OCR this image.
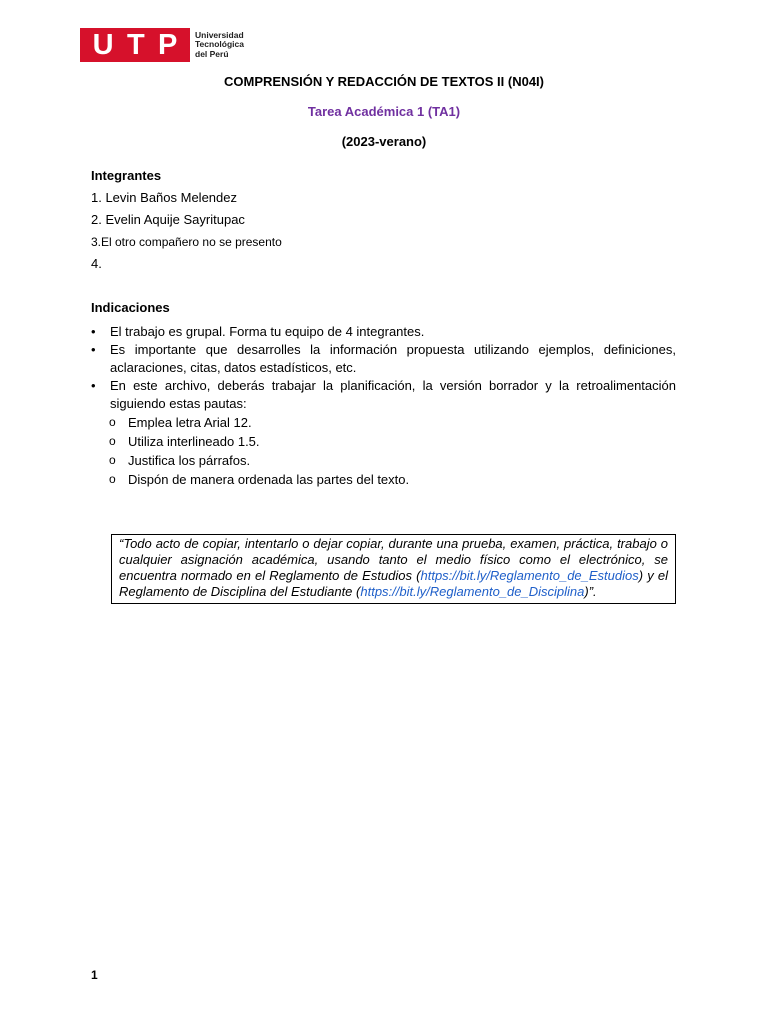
U T P Universidad
Tecnológica
del Perú
COMPRENSIÓN Y REDACCIÓN DE TEXTOS II (N04I)
Tarea Académica 1 (TA1)
(2023-verano)
Integrantes
1. Levin Baños Melendez
2. Evelin Aquije Sayritupac
3.El otro compañero no se presento
4.
Indicaciones
• El trabajo es grupal. Forma tu equipo de 4 integrantes.
• Es importante que desarrolles la información propuesta utilizando ejemplos, definiciones, aclaraciones, citas, datos estadísticos, etc.
• En este archivo, deberás trabajar la planificación, la versión borrador y la retroalimentación siguiendo estas pautas:
o Emplea letra Arial 12.
o Utiliza interlineado 1.5.
o Justifica los párrafos.
o Dispón de manera ordenada las partes del texto.
“Todo acto de copiar, intentarlo o dejar copiar, durante una prueba, examen, práctica, trabajo o cualquier asignación académica, usando tanto el medio físico como el electrónico, se encuentra normado en el Reglamento de Estudios (https://bit.ly/Reglamento_de_Estudios) y el Reglamento de Disciplina del Estudiante (https://bit.ly/Reglamento_de_Disciplina)”.
1
